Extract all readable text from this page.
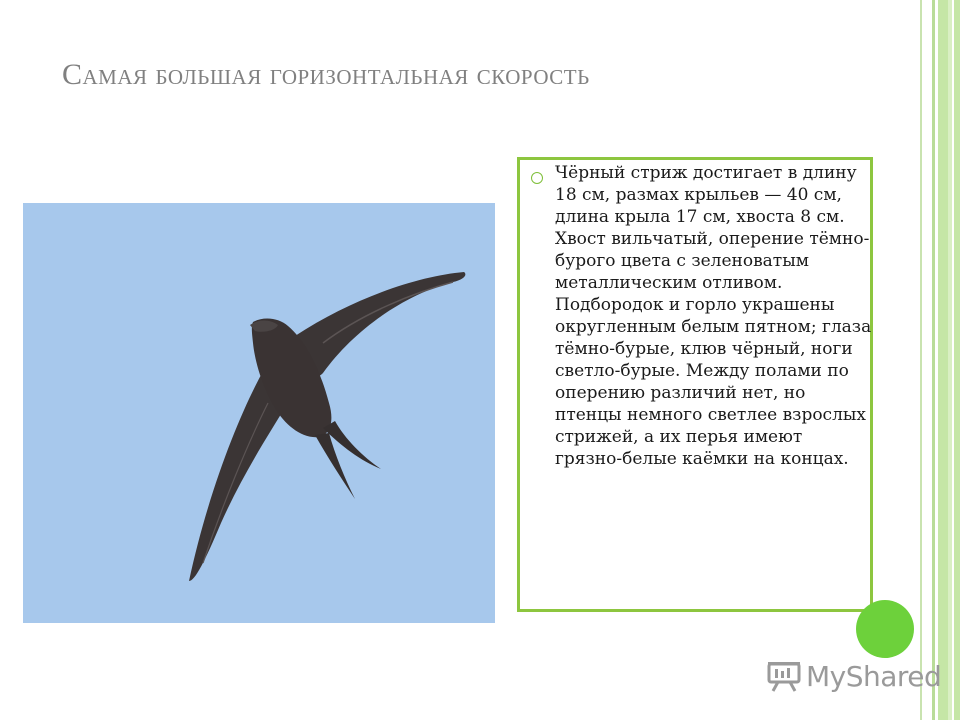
Самая большая горизонтальная скорость

Чёрный стриж достигает в длину 18 см, размах крыльев — 40 см, длина крыла 17 см, хвоста 8 см. Хвост вильчатый, оперение тёмно-бурого цвета с зеленоватым металлическим отливом. Подбородок и горло украшены округленным белым пятном; глаза тёмно-бурые, клюв чёрный, ноги светло-бурые. Между полами по оперению различий нет, но птенцы немного светлее взрослых стрижей, а их перья имеют грязно-белые каёмки на концах.

MyShared
